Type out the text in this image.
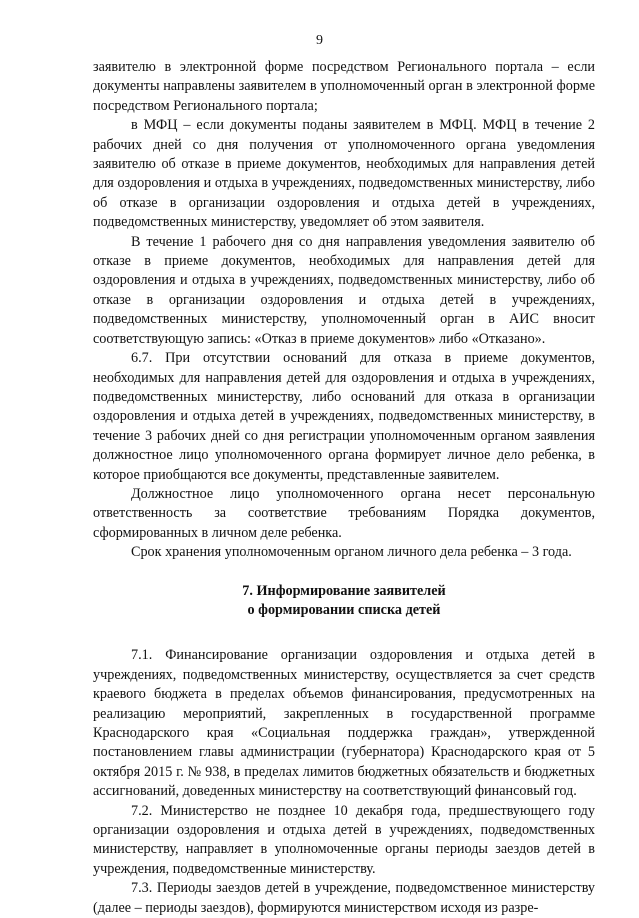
9

заявителю в электронной форме посредством Регионального портала – если документы направлены заявителем в уполномоченный орган в электронной форме посредством Регионального портала;

в МФЦ – если документы поданы заявителем в МФЦ. МФЦ в течение 2 рабочих дней со дня получения от уполномоченного органа уведомления заявителю об отказе в приеме документов, необходимых для направления детей для оздоровления и отдыха в учреждениях, подведомственных министерству, либо об отказе в организации оздоровления и отдыха детей в учреждениях, подведомственных министерству, уведомляет об этом заявителя.

В течение 1 рабочего дня со дня направления уведомления заявителю об отказе в приеме документов, необходимых для направления детей для оздоровления и отдыха в учреждениях, подведомственных министерству, либо об отказе в организации оздоровления и отдыха детей в учреждениях, подведомственных министерству, уполномоченный орган в АИС вносит соответствующую запись: «Отказ в приеме документов» либо «Отказано».

6.7. При отсутствии оснований для отказа в приеме документов, необходимых для направления детей для оздоровления и отдыха в учреждениях, подведомственных министерству, либо оснований для отказа в организации оздоровления и отдыха детей в учреждениях, подведомственных министерству, в течение 3 рабочих дней со дня регистрации уполномоченным органом заявления должностное лицо уполномоченного органа формирует личное дело ребенка, в которое приобщаются все документы, представленные заявителем.

Должностное лицо уполномоченного органа несет персональную ответственность за соответствие требованиям Порядка документов, сформированных в личном деле ребенка.

Срок хранения уполномоченным органом личного дела ребенка – 3 года.

7. Информирование заявителей
о формировании списка детей

7.1. Финансирование организации оздоровления и отдыха детей в учреждениях, подведомственных министерству, осуществляется за счет средств краевого бюджета в пределах объемов финансирования, предусмотренных на реализацию мероприятий, закрепленных в государственной программе Краснодарского края «Социальная поддержка граждан», утвержденной постановлением главы администрации (губернатора) Краснодарского края от 5 октября 2015 г. № 938, в пределах лимитов бюджетных обязательств и бюджетных ассигнований, доведенных министерству на соответствующий финансовый год.

7.2. Министерство не позднее 10 декабря года, предшествующего году организации оздоровления и отдыха детей в учреждениях, подведомственных министерству, направляет в уполномоченные органы периоды заездов детей в учреждения, подведомственные министерству.

7.3. Периоды заездов детей в учреждение, подведомственное министерству (далее – периоды заездов), формируются министерством исходя из разре-
